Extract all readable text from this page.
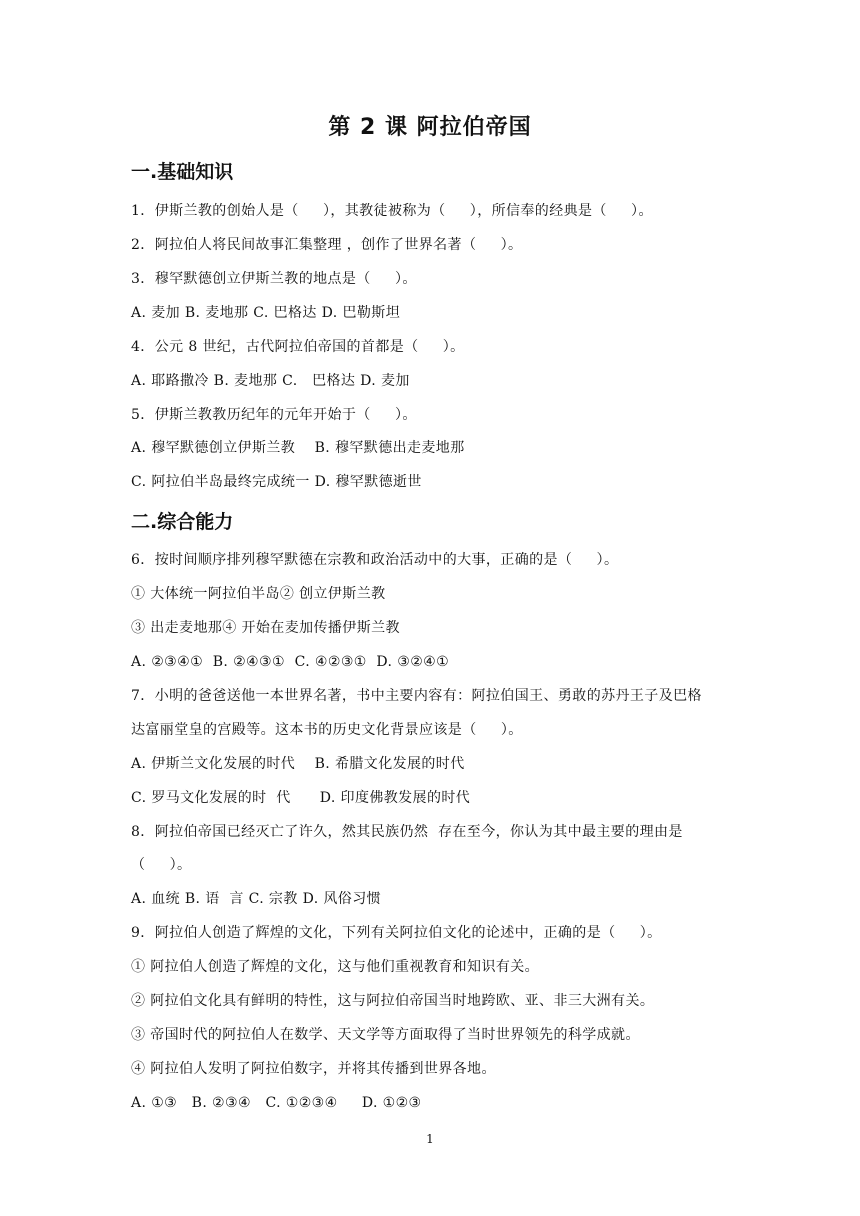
第 2 课 阿拉伯帝国
一.基础知识
1．伊斯兰教的创始人是（     ），其教徒被称为（     ），所信奉的经典是（     ）。
2．阿拉伯人将民间故事汇集整理 ，创作了世界名著（     ）。
3．穆罕默德创立伊斯兰教的地点是（     ）。
A. 麦加 B. 麦地那 C. 巴格达 D. 巴勒斯坦
4．公元 8 世纪，古代阿拉伯帝国的首都是（     ）。
A. 耶路撒冷 B. 麦地那 C.   巴格达 D. 麦加
5．伊斯兰教教历纪年的元年开始于（     ）。
A. 穆罕默德创立伊斯兰教    B. 穆罕默德出走麦地那
C. 阿拉伯半岛最终完成统一 D. 穆罕默德逝世
二.综合能力
6．按时间顺序排列穆罕默德在宗教和政治活动中的大事，正确的是（     ）。
① 大体统一阿拉伯半岛② 创立伊斯兰教
③ 出走麦地那④ 开始在麦加传播伊斯兰教
A. ②③④①  B. ②④③①  C. ④②③①  D. ③②④①
7．小明的爸爸送他一本世界名著，书中主要内容有：阿拉伯国王、勇敢的苏丹王子及巴格
达富丽堂皇的宫殿等。这本书的历史文化背景应该是（     ）。
A. 伊斯兰文化发展的时代    B. 希腊文化发展的时代
C. 罗马文化发展的时  代      D. 印度佛教发展的时代
8．阿拉伯帝国已经灭亡了许久，然其民族仍然  存在至今，你认为其中最主要的理由是
（     ）。
A. 血统 B. 语  言 C. 宗教 D. 风俗习惯
9．阿拉伯人创造了辉煌的文化，下列有关阿拉伯文化的论述中，正确的是（     ）。
① 阿拉伯人创造了辉煌的文化，这与他们重视教育和知识有关。
② 阿拉伯文化具有鲜明的特性，这与阿拉伯帝国当时地跨欧、亚、非三大洲有关。
③ 帝国时代的阿拉伯人在数学、天文学等方面取得了当时世界领先的科学成就。
④ 阿拉伯人发明了阿拉伯数字，并将其传播到世界各地。
A. ①③   B. ②③④   C. ①②③④     D. ①②③
1
